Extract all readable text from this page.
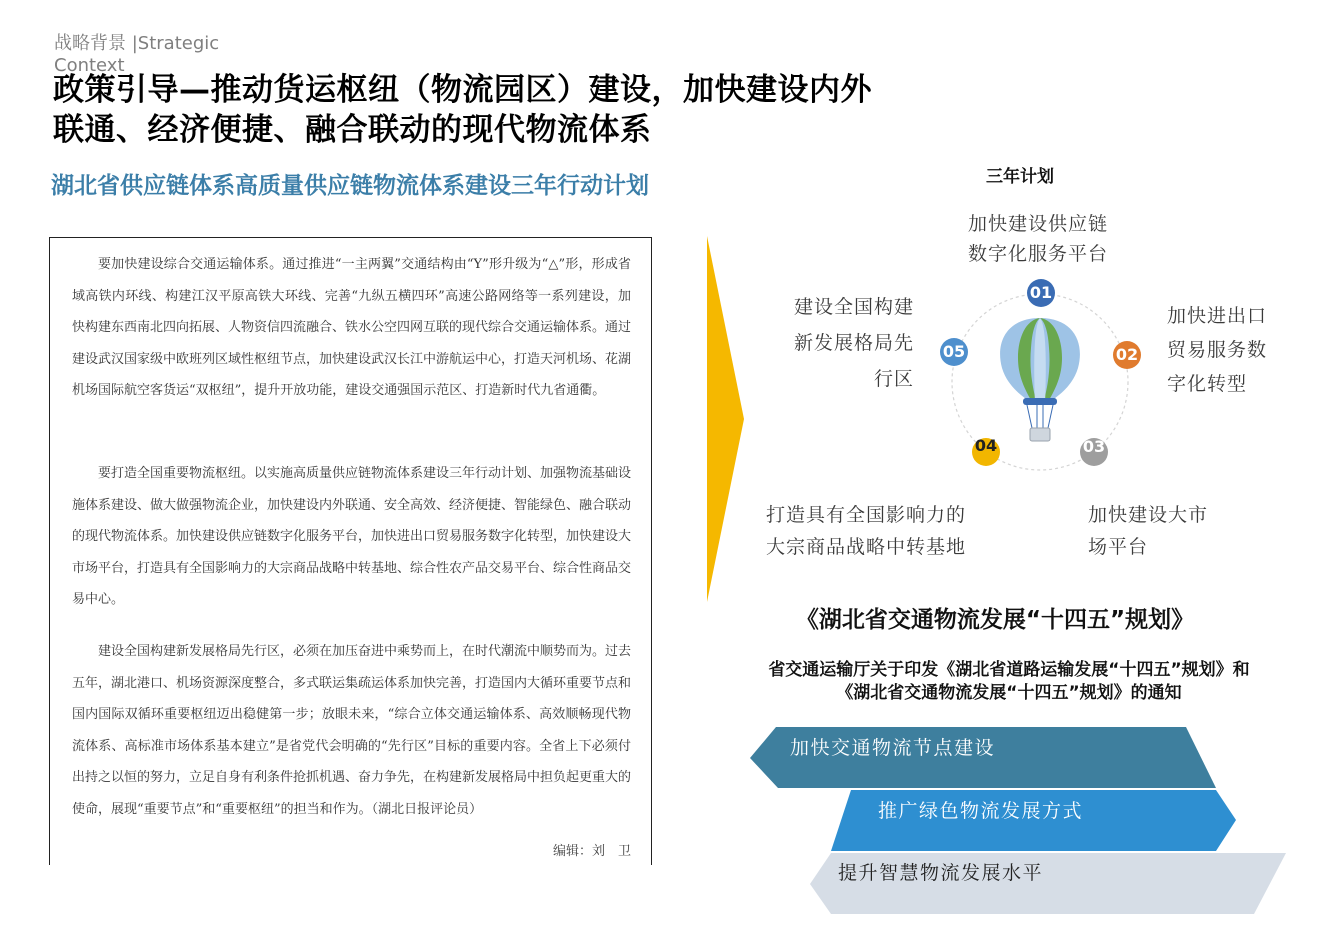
战略背景 |Strategic Context
政策引导—推动货运枢纽（物流园区）建设，加快建设内外
联通、经济便捷、融合联动的现代物流体系
湖北省供应链体系高质量供应链物流体系建设三年行动计划

要加快建设综合交通运输体系。通过推进“一主两翼”交通结构由“Y”形升级为“△”形，形成省域高铁内环线、构建江汉平原高铁大环线、完善“九纵五横四环”高速公路网络等一系列建设，加快构建东西南北四向拓展、人物资信四流融合、铁水公空四网互联的现代综合交通运输体系。通过建设武汉国家级中欧班列区域性枢纽节点，加快建设武汉长江中游航运中心，打造天河机场、花湖机场国际航空客货运“双枢纽”，提升开放功能，建设交通强国示范区、打造新时代九省通衢。

要打造全国重要物流枢纽。以实施高质量供应链物流体系建设三年行动计划、加强物流基础设施体系建设、做大做强物流企业，加快建设内外联通、安全高效、经济便捷、智能绿色、融合联动的现代物流体系。加快建设供应链数字化服务平台，加快进出口贸易服务数字化转型，加快建设大市场平台，打造具有全国影响力的大宗商品战略中转基地、综合性农产品交易平台、综合性商品交易中心。

建设全国构建新发展格局先行区，必须在加压奋进中乘势而上，在时代潮流中顺势而为。过去五年，湖北港口、机场资源深度整合，多式联运集疏运体系加快完善，打造国内大循环重要节点和国内国际双循环重要枢纽迈出稳健第一步；放眼未来，“综合立体交通运输体系、高效顺畅现代物流体系、高标准市场体系基本建立”是省党代会明确的“先行区”目标的重要内容。全省上下必须付出持之以恒的努力，立足自身有利条件抢抓机遇、奋力争先，在构建新发展格局中担负起更重大的使命，展现“重要节点”和“重要枢纽”的担当和作为。（湖北日报评论员）

编辑：刘　卫
三年计划
加快建设供应链
数字化服务平台
建设全国构建
新发展格局先
行区
加快进出口
贸易服务数
字化转型
打造具有全国影响力的
大宗商品战略中转基地
加快建设大市
场平台
01
02
03
04
05
《湖北省交通物流发展“十四五”规划》
省交通运输厅关于印发《湖北省道路运输发展“十四五”规划》和
《湖北省交通物流发展“十四五”规划》的通知
加快交通物流节点建设
推广绿色物流发展方式
提升智慧物流发展水平
